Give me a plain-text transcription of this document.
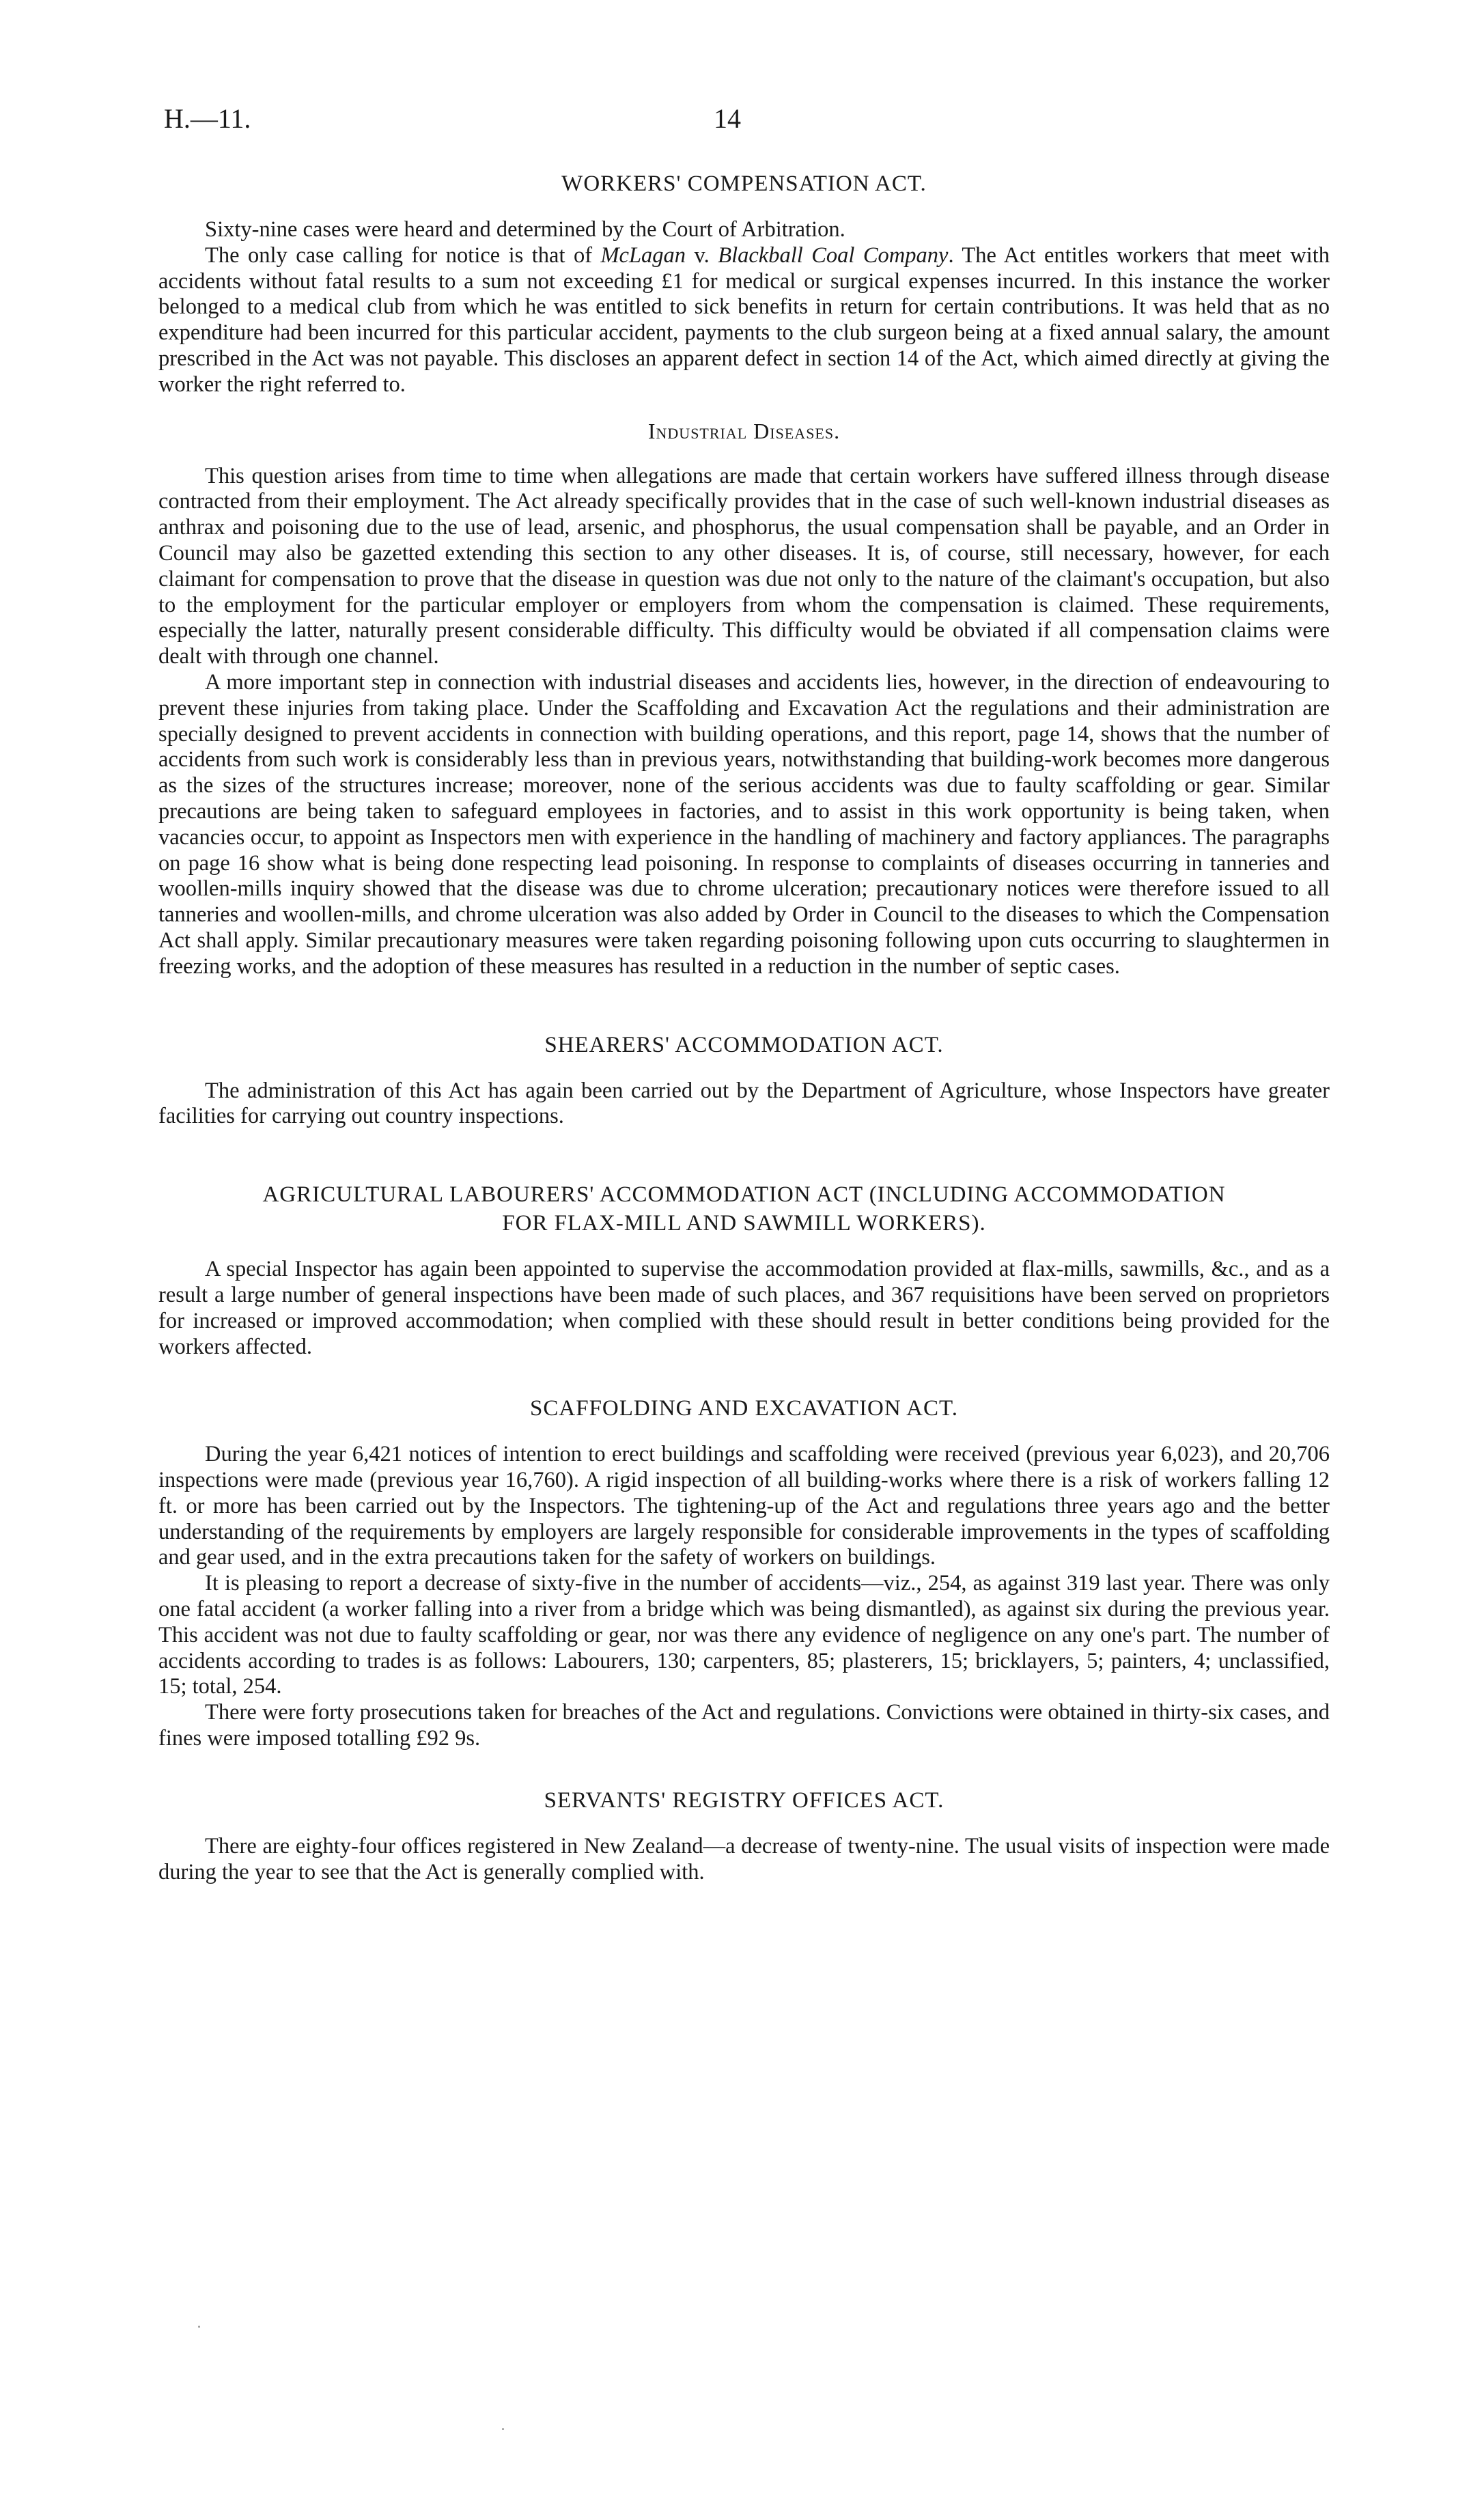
H.—11.	14
WORKERS' COMPENSATION ACT.

Sixty-nine cases were heard and determined by the Court of Arbitration.

The only case calling for notice is that of McLagan v. Blackball Coal Company. The Act entitles workers that meet with accidents without fatal results to a sum not exceeding £1 for medical or surgical expenses incurred. In this instance the worker belonged to a medical club from which he was entitled to sick benefits in return for certain contributions. It was held that as no expenditure had been incurred for this particular accident, payments to the club surgeon being at a fixed annual salary, the amount prescribed in the Act was not payable. This discloses an apparent defect in section 14 of the Act, which aimed directly at giving the worker the right referred to.

Industrial Diseases.

This question arises from time to time when allegations are made that certain workers have suffered illness through disease contracted from their employment. The Act already specifically provides that in the case of such well-known industrial diseases as anthrax and poisoning due to the use of lead, arsenic, and phosphorus, the usual compensation shall be payable, and an Order in Council may also be gazetted extending this section to any other diseases. It is, of course, still necessary, however, for each claimant for compensation to prove that the disease in question was due not only to the nature of the claimant's occupation, but also to the employment for the particular employer or employers from whom the compensation is claimed. These requirements, especially the latter, naturally present considerable difficulty. This difficulty would be obviated if all compensation claims were dealt with through one channel.

A more important step in connection with industrial diseases and accidents lies, however, in the direction of endeavouring to prevent these injuries from taking place. Under the Scaffolding and Excavation Act the regulations and their administration are specially designed to prevent accidents in connection with building operations, and this report, page 14, shows that the number of accidents from such work is considerably less than in previous years, notwithstanding that building-work becomes more dangerous as the sizes of the structures increase; moreover, none of the serious accidents was due to faulty scaffolding or gear. Similar precautions are being taken to safeguard employees in factories, and to assist in this work opportunity is being taken, when vacancies occur, to appoint as Inspectors men with experience in the handling of machinery and factory appliances. The paragraphs on page 16 show what is being done respecting lead poisoning. In response to complaints of diseases occurring in tanneries and woollen-mills inquiry showed that the disease was due to chrome ulceration; precautionary notices were therefore issued to all tanneries and woollen-mills, and chrome ulceration was also added by Order in Council to the diseases to which the Compensation Act shall apply. Similar precautionary measures were taken regarding poisoning following upon cuts occurring to slaughtermen in freezing works, and the adoption of these measures has resulted in a reduction in the number of septic cases.

SHEARERS' ACCOMMODATION ACT.

The administration of this Act has again been carried out by the Department of Agriculture, whose Inspectors have greater facilities for carrying out country inspections.

AGRICULTURAL LABOURERS' ACCOMMODATION ACT (INCLUDING ACCOMMODATION
FOR FLAX-MILL AND SAWMILL WORKERS).

A special Inspector has again been appointed to supervise the accommodation provided at flax-mills, sawmills, &c., and as a result a large number of general inspections have been made of such places, and 367 requisitions have been served on proprietors for increased or improved accommodation; when complied with these should result in better conditions being provided for the workers affected.

SCAFFOLDING AND EXCAVATION ACT.

During the year 6,421 notices of intention to erect buildings and scaffolding were received (previous year 6,023), and 20,706 inspections were made (previous year 16,760). A rigid inspection of all building-works where there is a risk of workers falling 12 ft. or more has been carried out by the Inspectors. The tightening-up of the Act and regulations three years ago and the better understanding of the requirements by employers are largely responsible for considerable improvements in the types of scaffolding and gear used, and in the extra precautions taken for the safety of workers on buildings.

It is pleasing to report a decrease of sixty-five in the number of accidents—viz., 254, as against 319 last year. There was only one fatal accident (a worker falling into a river from a bridge which was being dismantled), as against six during the previous year. This accident was not due to faulty scaffolding or gear, nor was there any evidence of negligence on any one's part. The number of accidents according to trades is as follows: Labourers, 130; carpenters, 85; plasterers, 15; bricklayers, 5; painters, 4; unclassified, 15; total, 254.

There were forty prosecutions taken for breaches of the Act and regulations. Convictions were obtained in thirty-six cases, and fines were imposed totalling £92 9s.

SERVANTS' REGISTRY OFFICES ACT.

There are eighty-four offices registered in New Zealand—a decrease of twenty-nine. The usual visits of inspection were made during the year to see that the Act is generally complied with.
